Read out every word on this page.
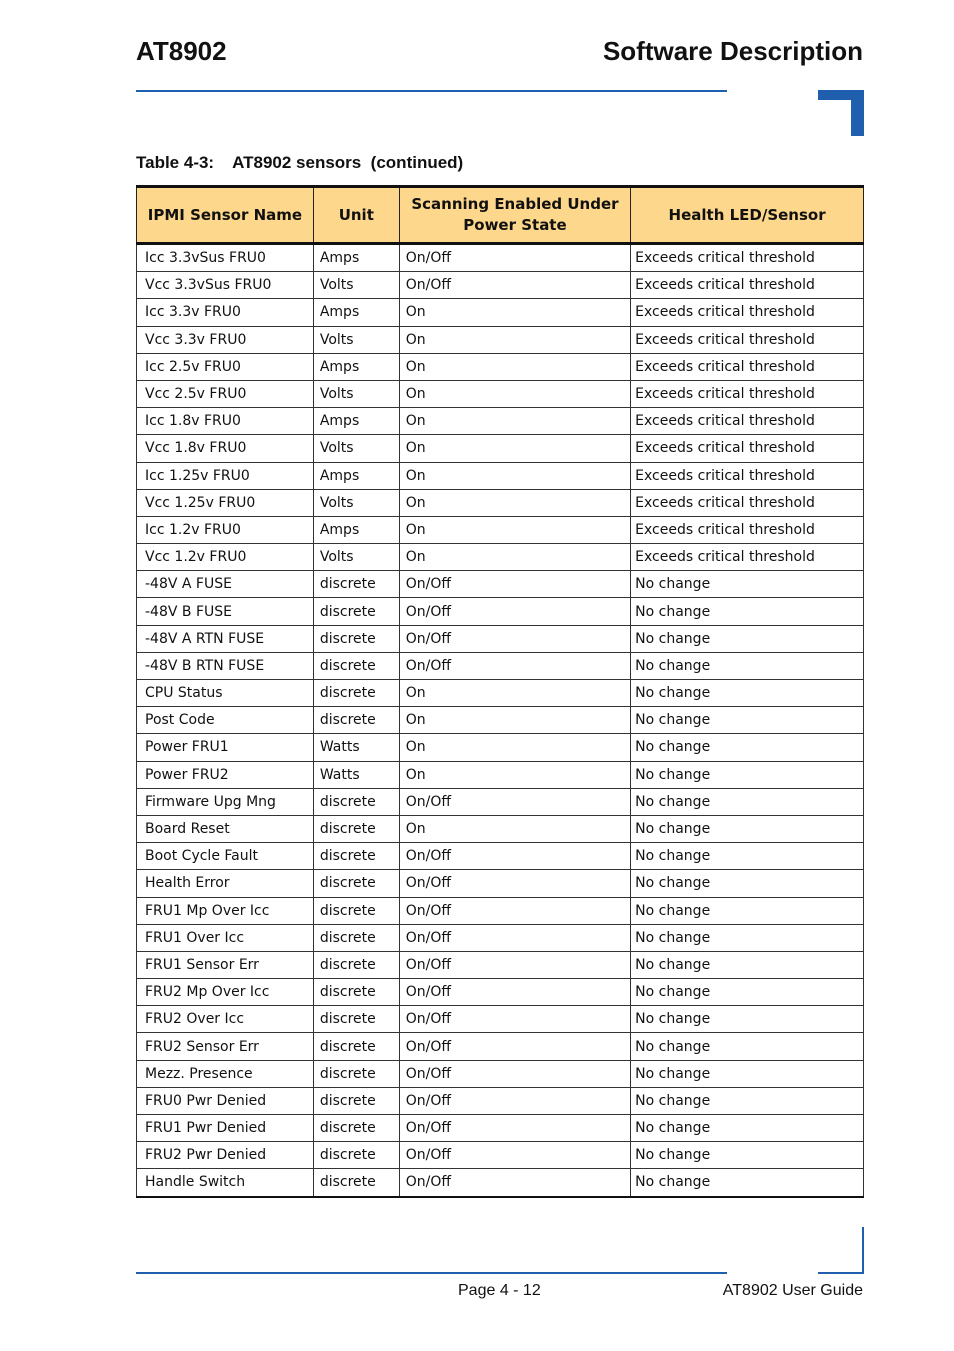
AT8902	Software Description

Table 4-3: AT8902 sensors  (continued)

IPMI Sensor Name	Unit	Scanning Enabled Under Power State	Health LED/Sensor
Icc 3.3vSus FRU0	Amps	On/Off	Exceeds critical threshold
Vcc 3.3vSus FRU0	Volts	On/Off	Exceeds critical threshold
Icc 3.3v FRU0	Amps	On	Exceeds critical threshold
Vcc 3.3v FRU0	Volts	On	Exceeds critical threshold
Icc 2.5v FRU0	Amps	On	Exceeds critical threshold
Vcc 2.5v FRU0	Volts	On	Exceeds critical threshold
Icc 1.8v FRU0	Amps	On	Exceeds critical threshold
Vcc 1.8v FRU0	Volts	On	Exceeds critical threshold
Icc 1.25v FRU0	Amps	On	Exceeds critical threshold
Vcc 1.25v FRU0	Volts	On	Exceeds critical threshold
Icc 1.2v FRU0	Amps	On	Exceeds critical threshold
Vcc 1.2v FRU0	Volts	On	Exceeds critical threshold
-48V A FUSE	discrete	On/Off	No change
-48V B FUSE	discrete	On/Off	No change
-48V A RTN FUSE	discrete	On/Off	No change
-48V B RTN FUSE	discrete	On/Off	No change
CPU Status	discrete	On	No change
Post Code	discrete	On	No change
Power FRU1	Watts	On	No change
Power FRU2	Watts	On	No change
Firmware Upg Mng	discrete	On/Off	No change
Board Reset	discrete	On	No change
Boot Cycle Fault	discrete	On/Off	No change
Health Error	discrete	On/Off	No change
FRU1 Mp Over Icc	discrete	On/Off	No change
FRU1 Over Icc	discrete	On/Off	No change
FRU1 Sensor Err	discrete	On/Off	No change
FRU2 Mp Over Icc	discrete	On/Off	No change
FRU2 Over Icc	discrete	On/Off	No change
FRU2 Sensor Err	discrete	On/Off	No change
Mezz. Presence	discrete	On/Off	No change
FRU0 Pwr Denied	discrete	On/Off	No change
FRU1 Pwr Denied	discrete	On/Off	No change
FRU2 Pwr Denied	discrete	On/Off	No change
Handle Switch	discrete	On/Off	No change
Page 4 - 12	AT8902 User Guide
